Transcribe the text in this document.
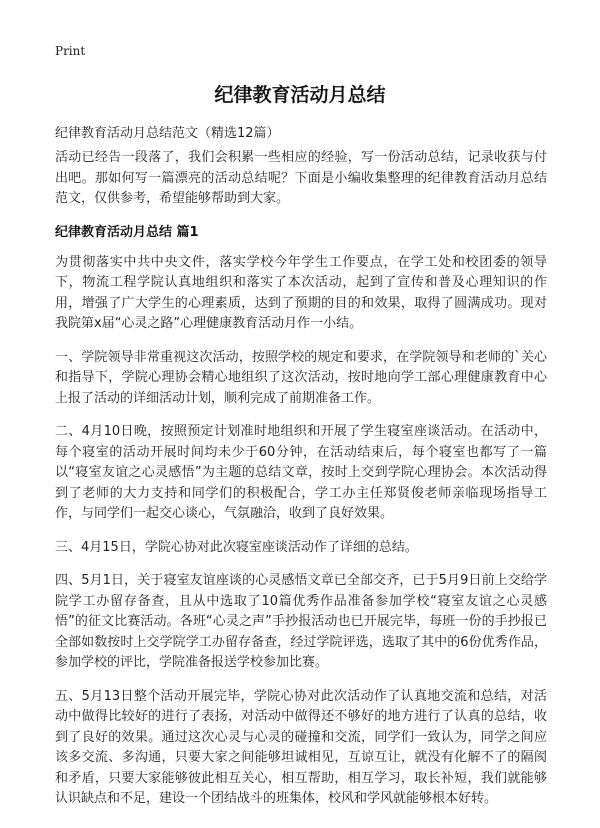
Print
纪律教育活动月总结
纪律教育活动月总结范文（精选12篇）

活动已经告一段落了，我们会积累一些相应的经验，写一份活动总结，记录收获与付出吧。那如何写一篇漂亮的活动总结呢？下面是小编收集整理的纪律教育活动月总结范文，仅供参考，希望能够帮助到大家。

纪律教育活动月总结 篇1

为贯彻落实中共中央文件，落实学校今年学生工作要点，在学工处和校团委的领导下，物流工程学院认真地组织和落实了本次活动，起到了宣传和普及心理知识的作用，增强了广大学生的心理素质，达到了预期的目的和效果，取得了圆满成功。现对我院第x届“心灵之路”心理健康教育活动月作一小结。

一、学院领导非常重视这次活动，按照学校的规定和要求，在学院领导和老师的`关心和指导下，学院心理协会精心地组织了这次活动，按时地向学工部心理健康教育中心上报了活动的详细活动计划，顺利完成了前期准备工作。

二、4月10日晚，按照预定计划准时地组织和开展了学生寝室座谈活动。在活动中，每个寝室的活动开展时间均未少于60分钟，在活动结束后，每个寝室也都写了一篇以“寝室友谊之心灵感悟”为主题的总结文章，按时上交到学院心理协会。本次活动得到了老师的大力支持和同学们的积极配合，学工办主任郑贤俊老师亲临现场指导工作，与同学们一起交心谈心，气氛融洽，收到了良好效果。

三、4月15日，学院心协对此次寝室座谈活动作了详细的总结。

四、5月1日，关于寝室友谊座谈的心灵感悟文章已全部交齐，已于5月9日前上交给学院学工办留存备查，且从中选取了10篇优秀作品准备参加学校“寝室友谊之心灵感悟”的征文比赛活动。各班“心灵之声”手抄报活动也已开展完毕，每班一份的手抄报已全部如数按时上交学院学工办留存备查，经过学院评选，选取了其中的6份优秀作品，参加学校的评比，学院准备报送学校参加比赛。

五、5月13日整个活动开展完毕，学院心协对此次活动作了认真地交流和总结，对活动中做得比较好的进行了表扬，对活动中做得还不够好的地方进行了认真的总结，收到了良好的效果。通过这次心灵与心灵的碰撞和交流，同学们一致认为，同学之间应该多交流、多沟通，只要大家之间能够坦诚相见，互谅互让，就没有化解不了的隔阂和矛盾，只要大家能够彼此相互关心，相互帮助，相互学习，取长补短，我们就能够认识缺点和不足，建设一个团结战斗的班集体，校风和学风就能够根本好转。
